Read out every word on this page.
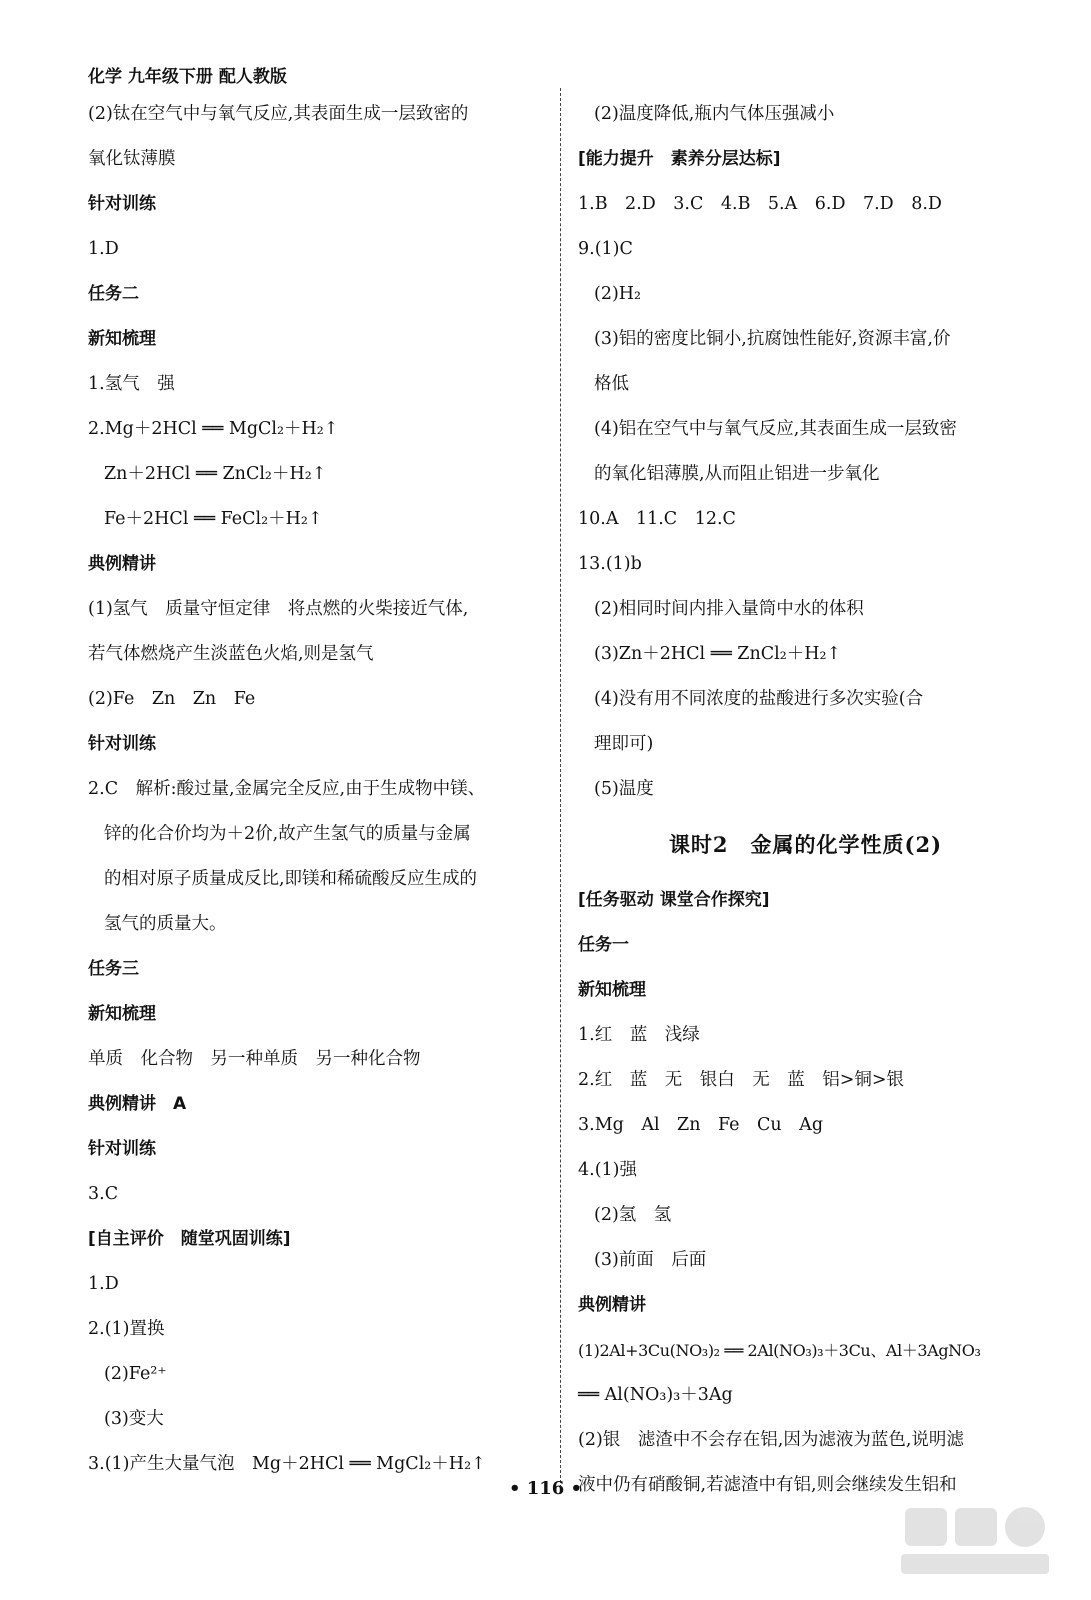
化学 九年级下册 配人教版
(2)钛在空气中与氧气反应,其表面生成一层致密的
氧化钛薄膜
针对训练
1.D
任务二
新知梳理
1.氢气　强
2.Mg＋2HCl ══ MgCl₂＋H₂↑
Zn＋2HCl ══ ZnCl₂＋H₂↑
Fe＋2HCl ══ FeCl₂＋H₂↑
典例精讲
(1)氢气　质量守恒定律　将点燃的火柴接近气体,
若气体燃烧产生淡蓝色火焰,则是氢气
(2)Fe　Zn　Zn　Fe
针对训练
2.C　解析:酸过量,金属完全反应,由于生成物中镁、
锌的化合价均为＋2价,故产生氢气的质量与金属
的相对原子质量成反比,即镁和稀硫酸反应生成的
氢气的质量大。
任务三
新知梳理
单质　化合物　另一种单质　另一种化合物
典例精讲　A
针对训练
3.C
[自主评价　随堂巩固训练]
1.D
2.(1)置换
(2)Fe²⁺
(3)变大
3.(1)产生大量气泡　Mg＋2HCl ══ MgCl₂＋H₂↑
(2)温度降低,瓶内气体压强减小
[能力提升　素养分层达标]
1.B　2.D　3.C　4.B　5.A　6.D　7.D　8.D
9.(1)C
(2)H₂
(3)铝的密度比铜小,抗腐蚀性能好,资源丰富,价
格低
(4)铝在空气中与氧气反应,其表面生成一层致密
的氧化铝薄膜,从而阻止铝进一步氧化
10.A　11.C　12.C
13.(1)b
(2)相同时间内排入量筒中水的体积
(3)Zn＋2HCl ══ ZnCl₂＋H₂↑
(4)没有用不同浓度的盐酸进行多次实验(合
理即可)
(5)温度
课时2　金属的化学性质(2)
[任务驱动 课堂合作探究]
任务一
新知梳理
1.红　蓝　浅绿
2.红　蓝　无　银白　无　蓝　铝>铜>银
3.Mg　Al　Zn　Fe　Cu　Ag
4.(1)强
(2)氢　氢
(3)前面　后面
典例精讲
(1)2Al+3Cu(NO₃)₂ ══ 2Al(NO₃)₃＋3Cu、Al＋3AgNO₃
══ Al(NO₃)₃＋3Ag
(2)银　滤渣中不会存在铝,因为滤液为蓝色,说明滤
液中仍有硝酸铜,若滤渣中有铝,则会继续发生铝和
• 116 •
